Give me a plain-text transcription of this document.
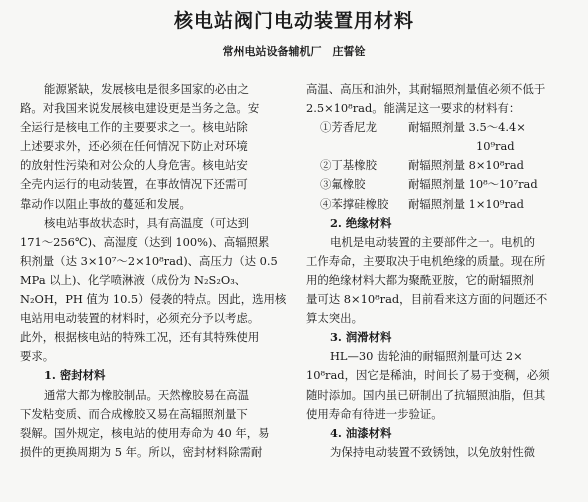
核电站阀门电动装置用材料
常州电站设备辅机厂　庄誓铨
能源紧缺，发展核电是很多国家的必由之
路。对我国来说发展核电建设更是当务之急。安
全运行是核电工作的主要要求之一。核电站除
上述要求外，还必须在任何情况下防止对环境
的放射性污染和对公众的人身危害。核电站安
全壳内运行的电动装置，在事故情况下还需可
靠动作以阻止事故的蔓延和发展。
核电站事故状态时，具有高温度（可达到
171～256℃)、高湿度（达到 100%)、高辐照累
积剂量（达 3×10⁷～2×10⁸rad)、高压力（达 0.5
MPa 以上)、化学喷淋液（成份为 N₂S₂O₃、
N₂OH，PH 值为 10.5）侵袭的特点。因此，选用核
电站用电动装置的材料时，必须充分予以考虑。
此外，根据核电站的特殊工况，还有其特殊使用
要求。
1. 密封材料
通常大都为橡胶制品。天然橡胶易在高温
下发粘变质、而合成橡胶又易在高辐照剂量下
裂解。国外规定，核电站的使用寿命为 40 年，易
损件的更换周期为 5 年。所以，密封材料除需耐
高温、高压和油外，其耐辐照剂量值必须不低于
2.5×10⁸rad。能满足这一要求的材料有：
①芳香尼龙	耐辐照剂量 3.5～4.4×
10⁹rad
②丁基橡胶	耐辐照剂量 8×10⁸rad
③氟橡胶	耐辐照剂量 10⁸～10⁷rad
④苯撑硅橡胶	耐辐照剂量 1×10⁹rad
2. 绝缘材料
电机是电动装置的主要部件之一。电机的
工作寿命，主要取决于电机绝缘的质量。现在所
用的绝缘材料大都为聚酰亚胺，它的耐辐照剂
量可达 8×10⁸rad，目前看来这方面的问题还不
算太突出。
3. 润滑材料
HL—30 齿轮油的耐辐照剂量可达 2×
10⁸rad，因它是稀油，时间长了易于变稠，必须
随时添加。国内虽已研制出了抗辐照油脂，但其
使用寿命有待进一步验证。
4. 油漆材料
为保持电动装置不致锈蚀，以免放射性微
